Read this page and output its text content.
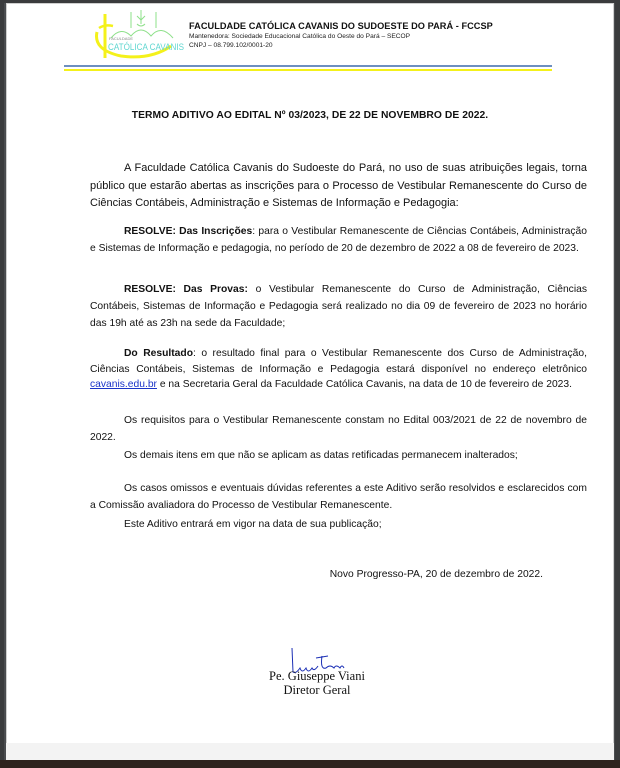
FACULDADE
CATÓLICA CAVANIS
FACULDADE CATÓLICA CAVANIS DO SUDOESTE DO PARÁ - FCCSP
Mantenedora: Sociedade Educacional Católica do Oeste do Pará – SECOP
CNPJ – 08.799.102/0001-20
TERMO ADITIVO AO EDITAL Nº 03/2023, DE 22 DE NOVEMBRO DE 2022.
A Faculdade Católica Cavanis do Sudoeste do Pará, no uso de suas atribuições legais, torna público que estarão abertas as inscrições para o Processo de Vestibular Remanescente do Curso de Ciências Contábeis, Administração e Sistemas de Informação e Pedagogia:
RESOLVE: Das Inscrições: para o Vestibular Remanescente de Ciências Contábeis, Administração e Sistemas de Informação e pedagogia, no período de 20 de dezembro de 2022 a 08 de fevereiro de 2023.
RESOLVE: Das Provas: o Vestibular Remanescente do Curso de Administração, Ciências Contábeis, Sistemas de Informação e Pedagogia será realizado no dia 09 de fevereiro de 2023 no horário das 19h até as 23h na sede da Faculdade;
Do Resultado: o resultado final para o Vestibular Remanescente dos Curso de Administração, Ciências Contábeis, Sistemas de Informação e Pedagogia estará disponível no endereço eletrônico cavanis.edu.br e na Secretaria Geral da Faculdade Católica Cavanis, na data de 10 de fevereiro de 2023.
Os requisitos para o Vestibular Remanescente constam no Edital 003/2021 de 22 de novembro de 2022.
Os demais itens em que não se aplicam as datas retificadas permanecem inalterados;
Os casos omissos e eventuais dúvidas referentes a este Aditivo serão resolvidos e esclarecidos com a Comissão avaliadora do Processo de Vestibular Remanescente.
Este Aditivo entrará em vigor na data de sua publicação;
Novo Progresso-PA, 20 de dezembro de 2022.
Pe. Giuseppe Viani
Diretor Geral
